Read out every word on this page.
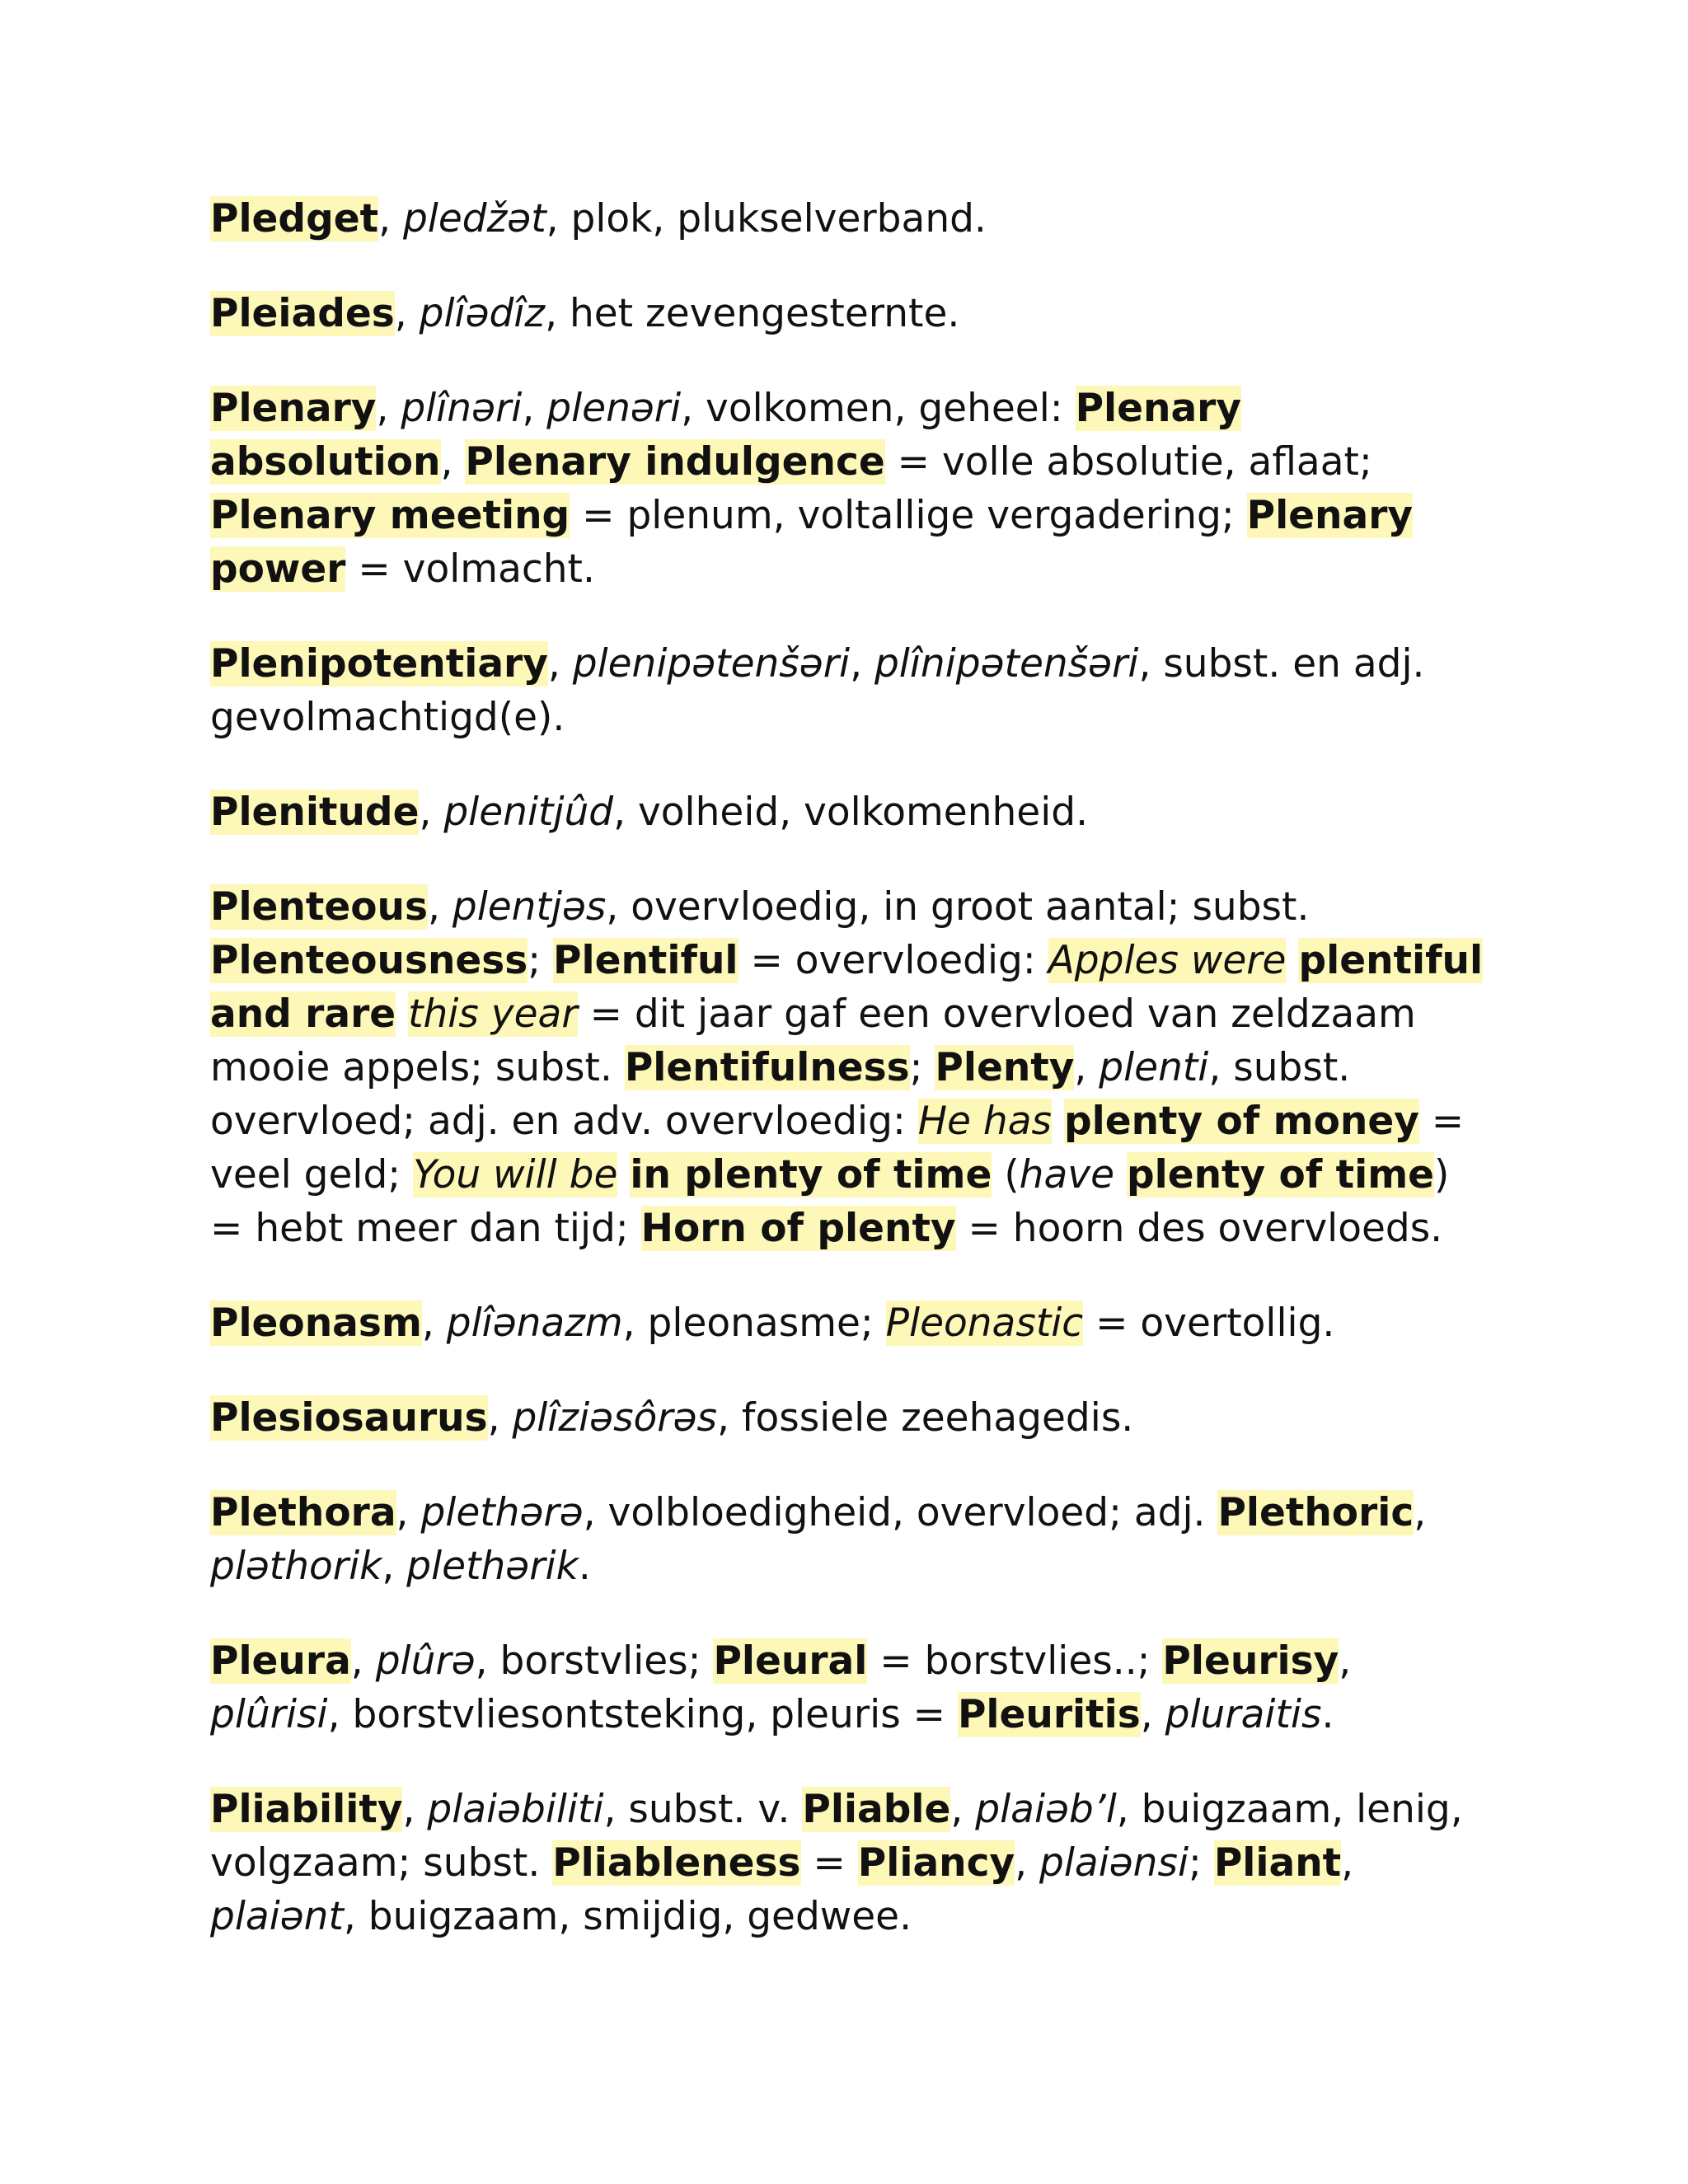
Pledget, pledžət, plok, plukselverband.

Pleiades, plîədîz, het zevengesternte.

Plenary, plînəri, plenəri, volkomen, geheel: Plenary absolution, Plenary indulgence = volle absolutie, aflaat; Plenary meeting = plenum, voltallige vergadering; Plenary power = volmacht.

Plenipotentiary, plenipətenšəri, plînipətenšəri, subst. en adj. gevolmachtigd(e).

Plenitude, plenitjûd, volheid, volkomenheid.

Plenteous, plentjəs, overvloedig, in groot aantal; subst. Plenteousness; Plentiful = overvloedig: Apples were plentiful and rare this year = dit jaar gaf een overvloed van zeldzaam mooie appels; subst. Plentifulness; Plenty, plenti, subst. overvloed; adj. en adv. overvloedig: He has plenty of money = veel geld; You will be in plenty of time (have plenty of time) = hebt meer dan tijd; Horn of plenty = hoorn des overvloeds.

Pleonasm, plîənazm, pleonasme; Pleonastic = overtollig.

Plesiosaurus, plîziəsôrəs, fossiele zeehagedis.

Plethora, plethərə, volbloedigheid, overvloed; adj. Plethoric, pləthorik, plethərik.

Pleura, plûrə, borstvlies; Pleural = borstvlies..; Pleurisy, plûrisi, borstvliesontsteking, pleuris = Pleuritis, pluraitis.

Pliability, plaiəbiliti, subst. v. Pliable, plaiəb’l, buigzaam, lenig, volgzaam; subst. Pliableness = Pliancy, plaiənsi; Pliant, plaiənt, buigzaam, smijdig, gedwee.
